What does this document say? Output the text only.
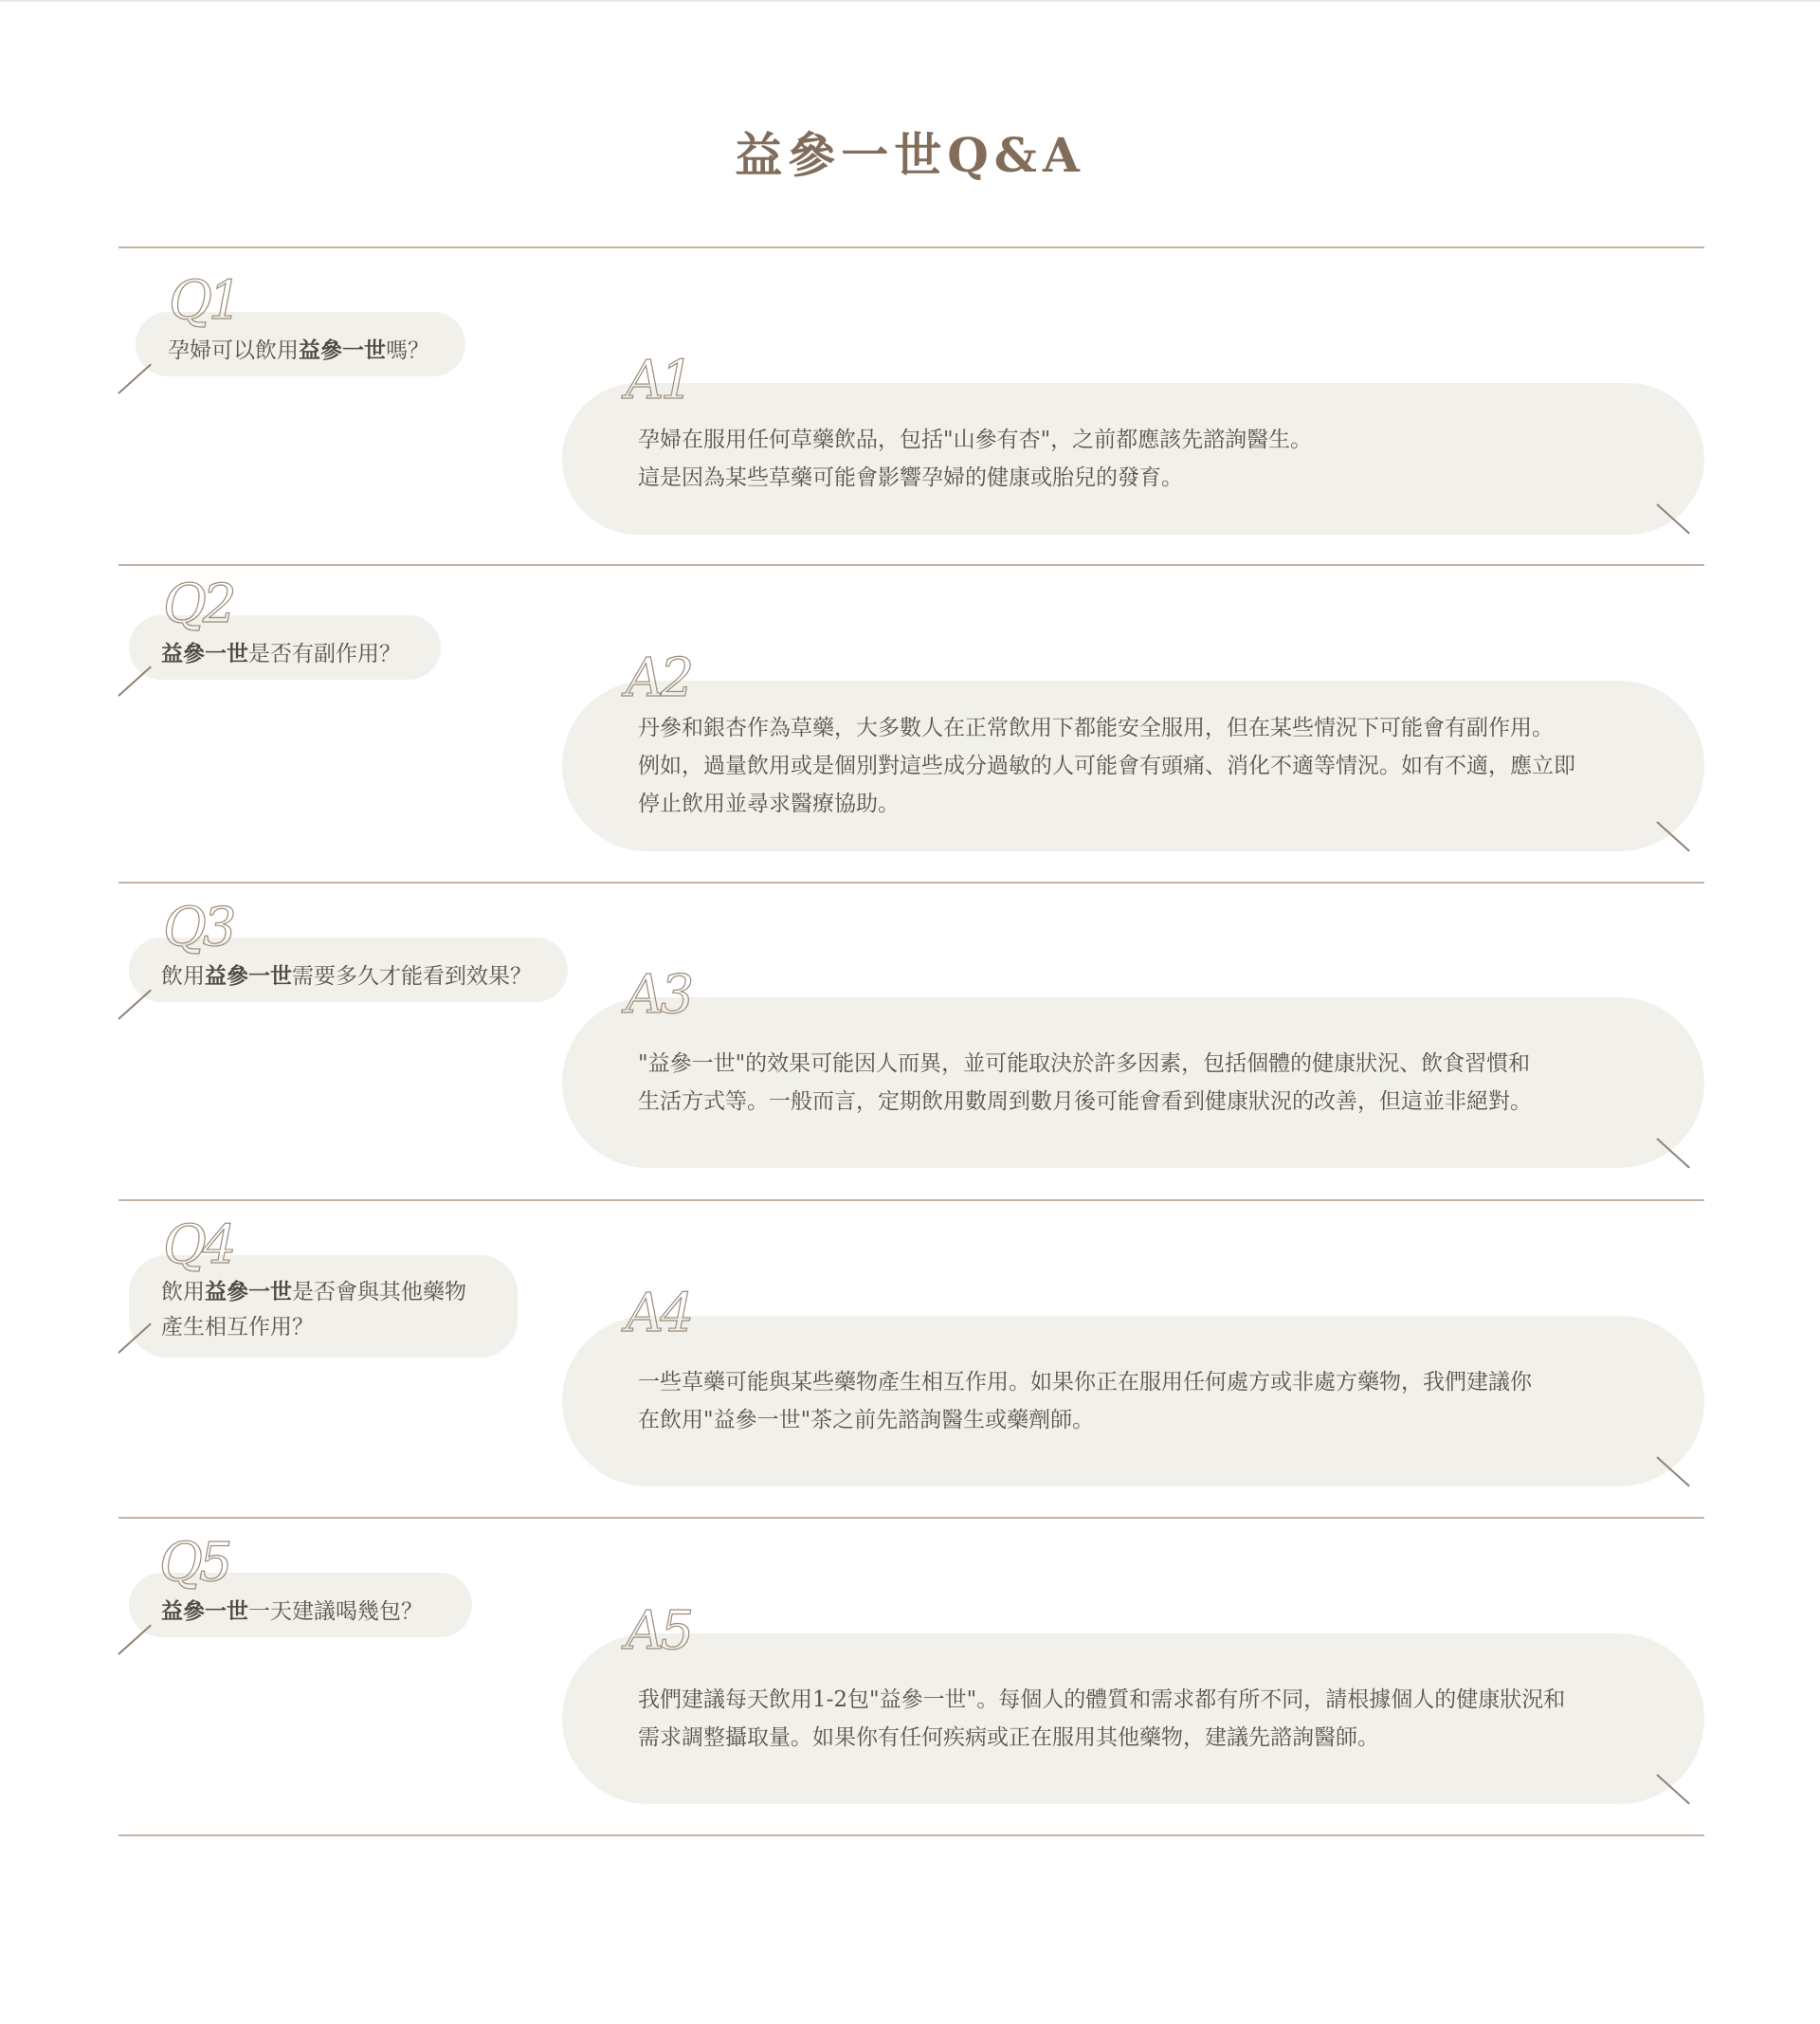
益參一世Q&A
Q1
孕婦可以飲用益參一世嗎？	A1

孕婦在服用任何草藥飲品，包括"山參有杏"，之前都應該先諮詢醫生。

這是因為某些草藥可能會影響孕婦的健康或胎兒的發育。

Q2
益參一世是否有副作用？	A2

丹參和銀杏作為草藥，大多數人在正常飲用下都能安全服用，但在某些情況下可能會有副作用。

例如，過量飲用或是個別對這些成分過敏的人可能會有頭痛、消化不適等情況。如有不適，應立即

停止飲用並尋求醫療協助。

Q3
飲用益參一世需要多久才能看到效果？	A3

"益參一世"的效果可能因人而異，並可能取決於許多因素，包括個體的健康狀況、飲食習慣和

生活方式等。一般而言，定期飲用數周到數月後可能會看到健康狀況的改善，但這並非絕對。

Q4
飲用益參一世是否會與其他藥物
產生相互作用？	A4

一些草藥可能與某些藥物產生相互作用。如果你正在服用任何處方或非處方藥物，我們建議你

在飲用"益參一世"茶之前先諮詢醫生或藥劑師。

Q5
益參一世一天建議喝幾包？	A5

我們建議每天飲用1-2包"益參一世"。每個人的體質和需求都有所不同，請根據個人的健康狀況和

需求調整攝取量。如果你有任何疾病或正在服用其他藥物，建議先諮詢醫師。
